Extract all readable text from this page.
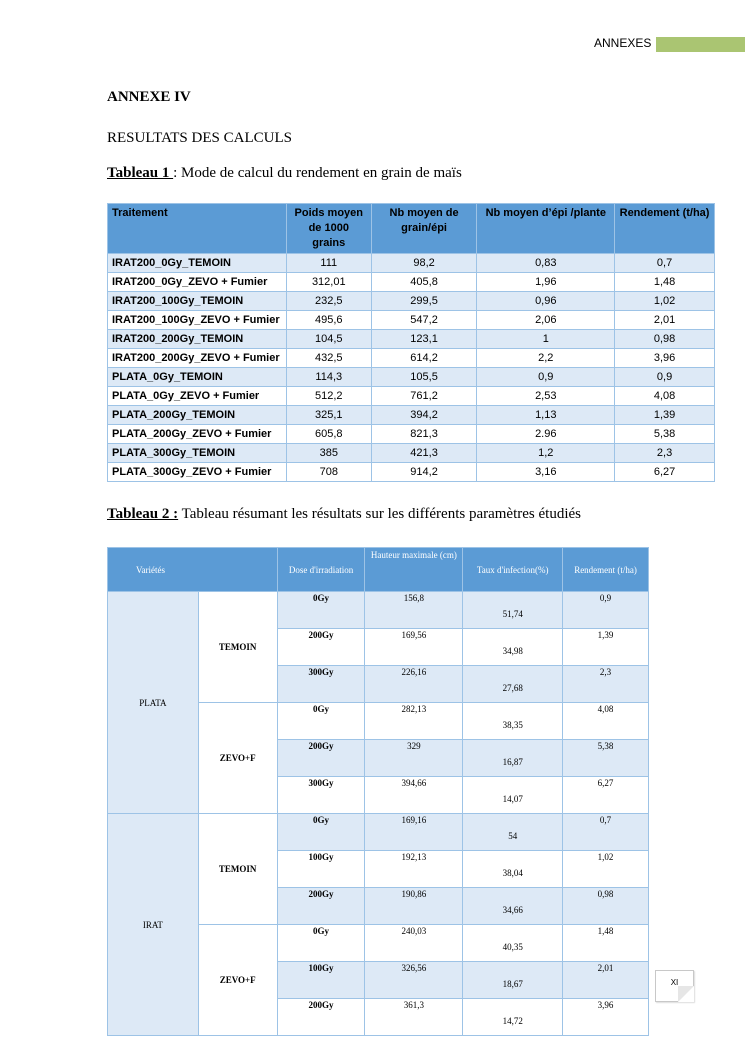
ANNEXES
ANNEXE IV
RESULTATS DES CALCULS
Tableau 1 : Mode de calcul du rendement en grain de maïs
Traitement	Poids moyen de 1000 grains	Nb moyen de grain/épi	Nb moyen d’épi /plante	Rendement (t/ha)
IRAT200_0Gy_TEMOIN	111	98,2	0,83	0,7
IRAT200_0Gy_ZEVO + Fumier	312,01	405,8	1,96	1,48
IRAT200_100Gy_TEMOIN	232,5	299,5	0,96	1,02
IRAT200_100Gy_ZEVO + Fumier	495,6	547,2	2,06	2,01
IRAT200_200Gy_TEMOIN	104,5	123,1	1	0,98
IRAT200_200Gy_ZEVO + Fumier	432,5	614,2	2,2	3,96
PLATA_0Gy_TEMOIN	114,3	105,5	0,9	0,9
PLATA_0Gy_ZEVO + Fumier	512,2	761,2	2,53	4,08
PLATA_200Gy_TEMOIN	325,1	394,2	1,13	1,39
PLATA_200Gy_ZEVO + Fumier	605,8	821,3	2.96	5,38
PLATA_300Gy_TEMOIN	385	421,3	1,2	2,3
PLATA_300Gy_ZEVO + Fumier	708	914,2	3,16	6,27
Tableau 2 : Tableau résumant les résultats sur les différents paramètres étudiés
Variétés		Dose d'irradiation	Hauteur maximale (cm)	Taux d'infection(%)	Rendement (t/ha)
PLATA	TEMOIN	0Gy	156,8	51,74	0,9
		200Gy	169,56	34,98	1,39
		300Gy	226,16	27,68	2,3
	ZEVO+F	0Gy	282,13	38,35	4,08
		200Gy	329	16,87	5,38
		300Gy	394,66	14,07	6,27
IRAT	TEMOIN	0Gy	169,16	54	0,7
		100Gy	192,13	38,04	1,02
		200Gy	190,86	34,66	0,98
	ZEVO+F	0Gy	240,03	40,35	1,48
		100Gy	326,56	18,67	2,01
		200Gy	361,3	14,72	3,96
XI
